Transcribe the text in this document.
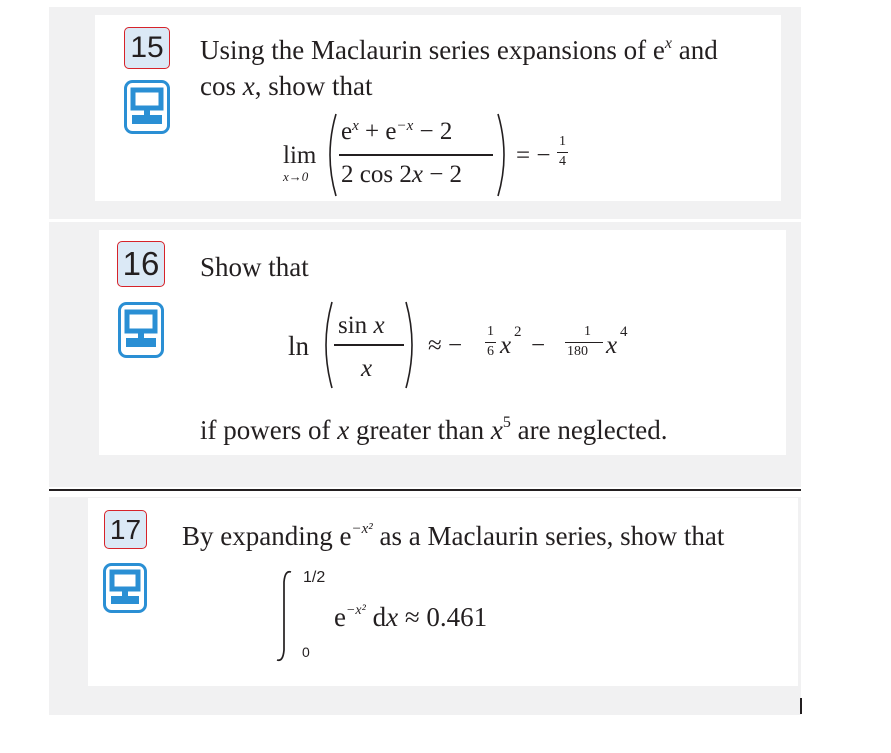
15 Using the Maclaurin series expansions of $e^x$ and
cos x, show that
lim
x→0
$e^x + e^{-x} - 2$
2 cos 2x − 2
= −
1
4
16 Show that
ln
sin x
x
≈ −
1
6 x 2 −
1
180 x 4
if powers of x greater than $x^5$ are neglected.
17 By expanding $e^{-x^2}$ as a Maclaurin series, show that
1/2
0
$e^{-x^2}$ dx ≈ 0.461
